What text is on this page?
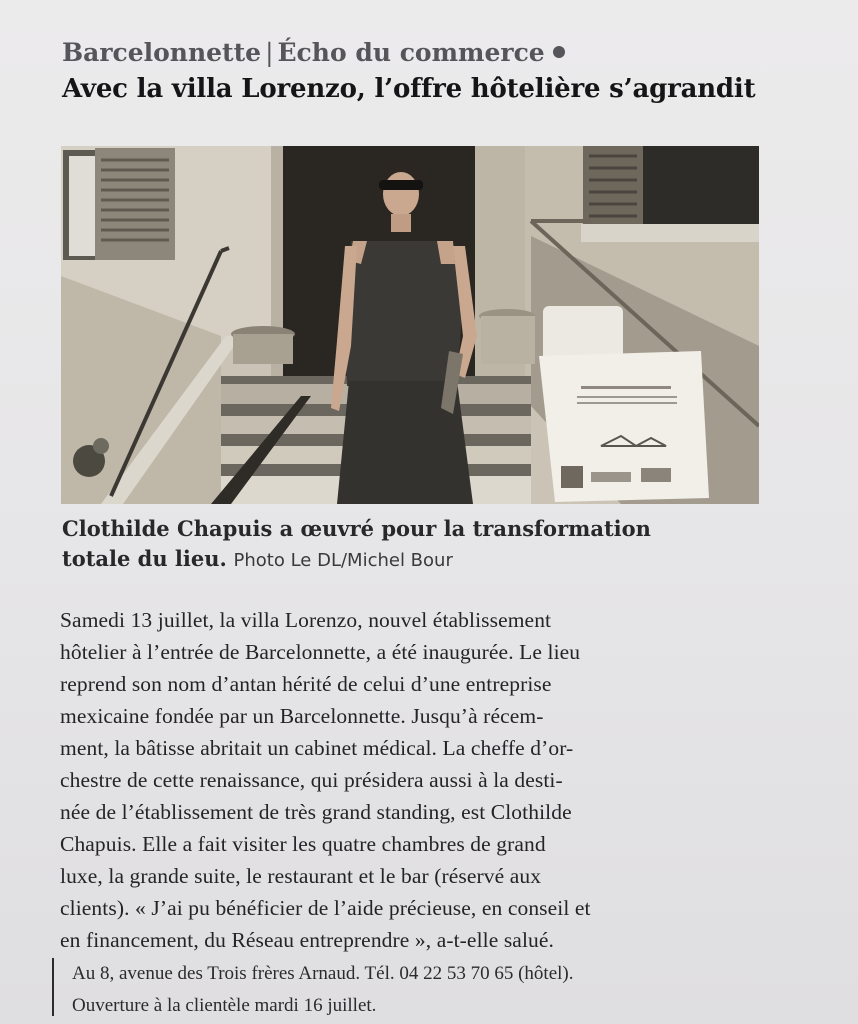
Barcelonnette | Écho du commerce
Avec la villa Lorenzo, l’offre hôtelière s’agrandit
Clothilde Chapuis a œuvré pour la transformation
totale du lieu. Photo Le DL/Michel Bour
Samedi 13 juillet, la villa Lorenzo, nouvel établissement
hôtelier à l’entrée de Barcelonnette, a été inaugurée. Le lieu
reprend son nom d’antan hérité de celui d’une entreprise
mexicaine fondée par un Barcelonnette. Jusqu’à récem-
ment, la bâtisse abritait un cabinet médical. La cheffe d’or-
chestre de cette renaissance, qui présidera aussi à la desti-
née de l’établissement de très grand standing, est Clothilde
Chapuis. Elle a fait visiter les quatre chambres de grand
luxe, la grande suite, le restaurant et le bar (réservé aux
clients). « J’ai pu bénéficier de l’aide précieuse, en conseil et
en financement, du Réseau entreprendre », a-t-elle salué.
Au 8, avenue des Trois frères Arnaud. Tél. 04 22 53 70 65 (hôtel).
Ouverture à la clientèle mardi 16 juillet.
